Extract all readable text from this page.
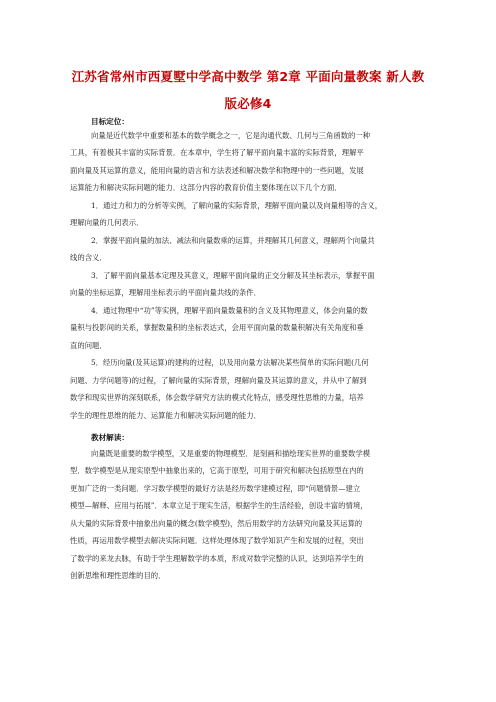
江苏省常州市西夏墅中学高中数学 第2章 平面向量教案 新人教
版必修4
目标定位：
向量是近代数学中重要和基本的数学概念之一，它是沟通代数、几何与三角函数的一种
工具，有着极其丰富的实际背景．在本章中，学生将了解平面向量丰富的实际背景，理解平
面向量及其运算的意义，能用向量的语言和方法表述和解决数学和物理中的一些问题，发展
运算能力和解决实际问题的能力．这部分内容的教育价值主要体现在以下几个方面．
1．通过力和力的分析等实例，了解向量的实际背景，理解平面向量以及向量相等的含义，
理解向量的几何表示．
2．掌握平面向量的加法、减法和向量数乘的运算，并理解其几何意义，理解两个向量共
线的含义．
3．了解平面向量基本定理及其意义，理解平面向量的正交分解及其坐标表示，掌握平面
向量的坐标运算，理解用坐标表示的平面向量共线的条件．
4．通过物理中“功”等实例，理解平面向量数量积的含义及其物理意义，体会向量的数
量积与投影间的关系，掌握数量积的坐标表达式，会用平面向量的数量积解决有关角度和垂
直的问题．
5．经历向量(及其运算)的建构的过程，以及用向量方法解决某些简单的实际问题(几何
问题、力学问题等)的过程，了解向量的实际背景，理解向量及其运算的意义，并从中了解到
数学和现实世界的深刻联系，体会数学研究方法的模式化特点，感受理性思维的力量，培养
学生的理性思维的能力、运算能力和解决实际问题的能力．
教材解读：
向量既是重要的数学模型，又是重要的物理模型．是刻画和描绘现实世界的重要数学模
型．数学模型是从现实原型中抽象出来的，它高于原型，可用于研究和解决包括原型在内的
更加广泛的一类问题．学习数学模型的最好方法是经历数学建模过程，即“问题情景—建立
模型—解释、应用与拓展”．本章立足于现实生活，根据学生的生活经验，创设丰富的情境，
从大量的实际背景中抽象出向量的概念(数学模型)，然后用数学的方法研究向量及其运算的
性质，再运用数学模型去解决实际问题．这样处理体现了数学知识产生和发展的过程，突出
了数学的来龙去脉，有助于学生理解数学的本质，形成对数学完整的认识，达到培养学生的
创新思维和理性思维的目的．
